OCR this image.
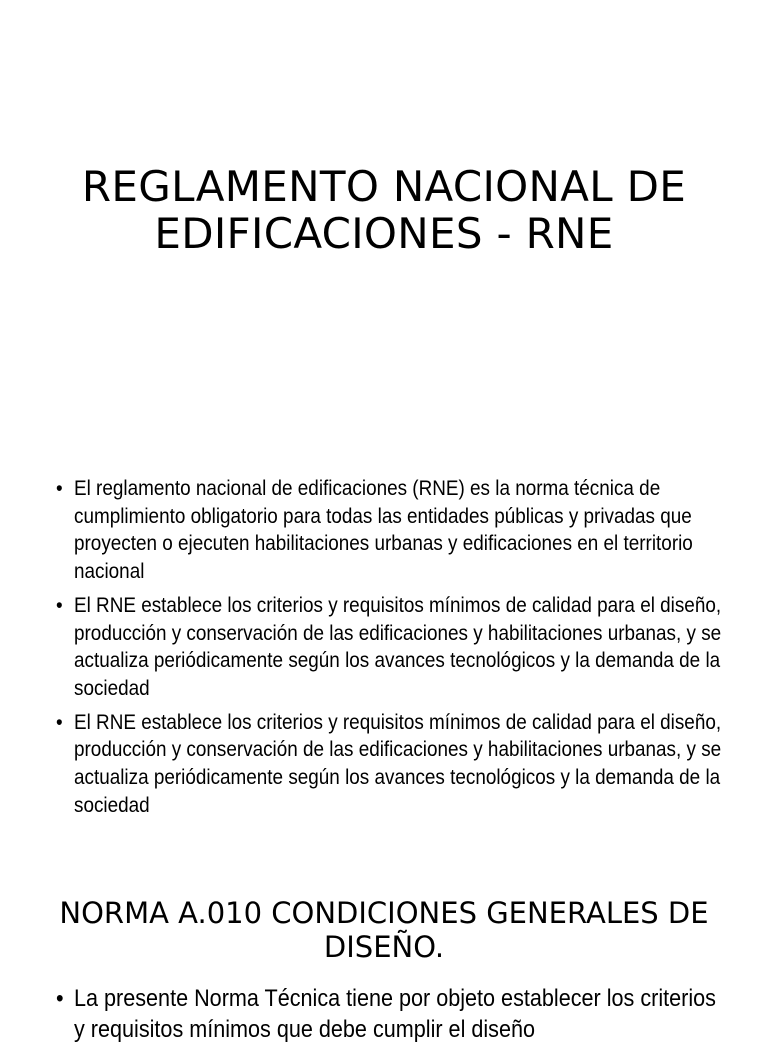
REGLAMENTO NACIONAL DE EDIFICACIONES - RNE
• El reglamento nacional de edificaciones (RNE) es la norma técnica de cumplimiento obligatorio para todas las entidades públicas y privadas que proyecten o ejecuten habilitaciones urbanas y edificaciones en el territorio nacional
• El RNE establece los criterios y requisitos mínimos de calidad para el diseño, producción y conservación de las edificaciones y habilitaciones urbanas, y se actualiza periódicamente según los avances tecnológicos y la demanda de la sociedad
• El RNE establece los criterios y requisitos mínimos de calidad para el diseño, producción y conservación de las edificaciones y habilitaciones urbanas, y se actualiza periódicamente según los avances tecnológicos y la demanda de la sociedad
NORMA A.010 CONDICIONES GENERALES DE DISEÑO.
• La presente Norma Técnica tiene por objeto establecer los criterios y requisitos mínimos que debe cumplir el diseño
